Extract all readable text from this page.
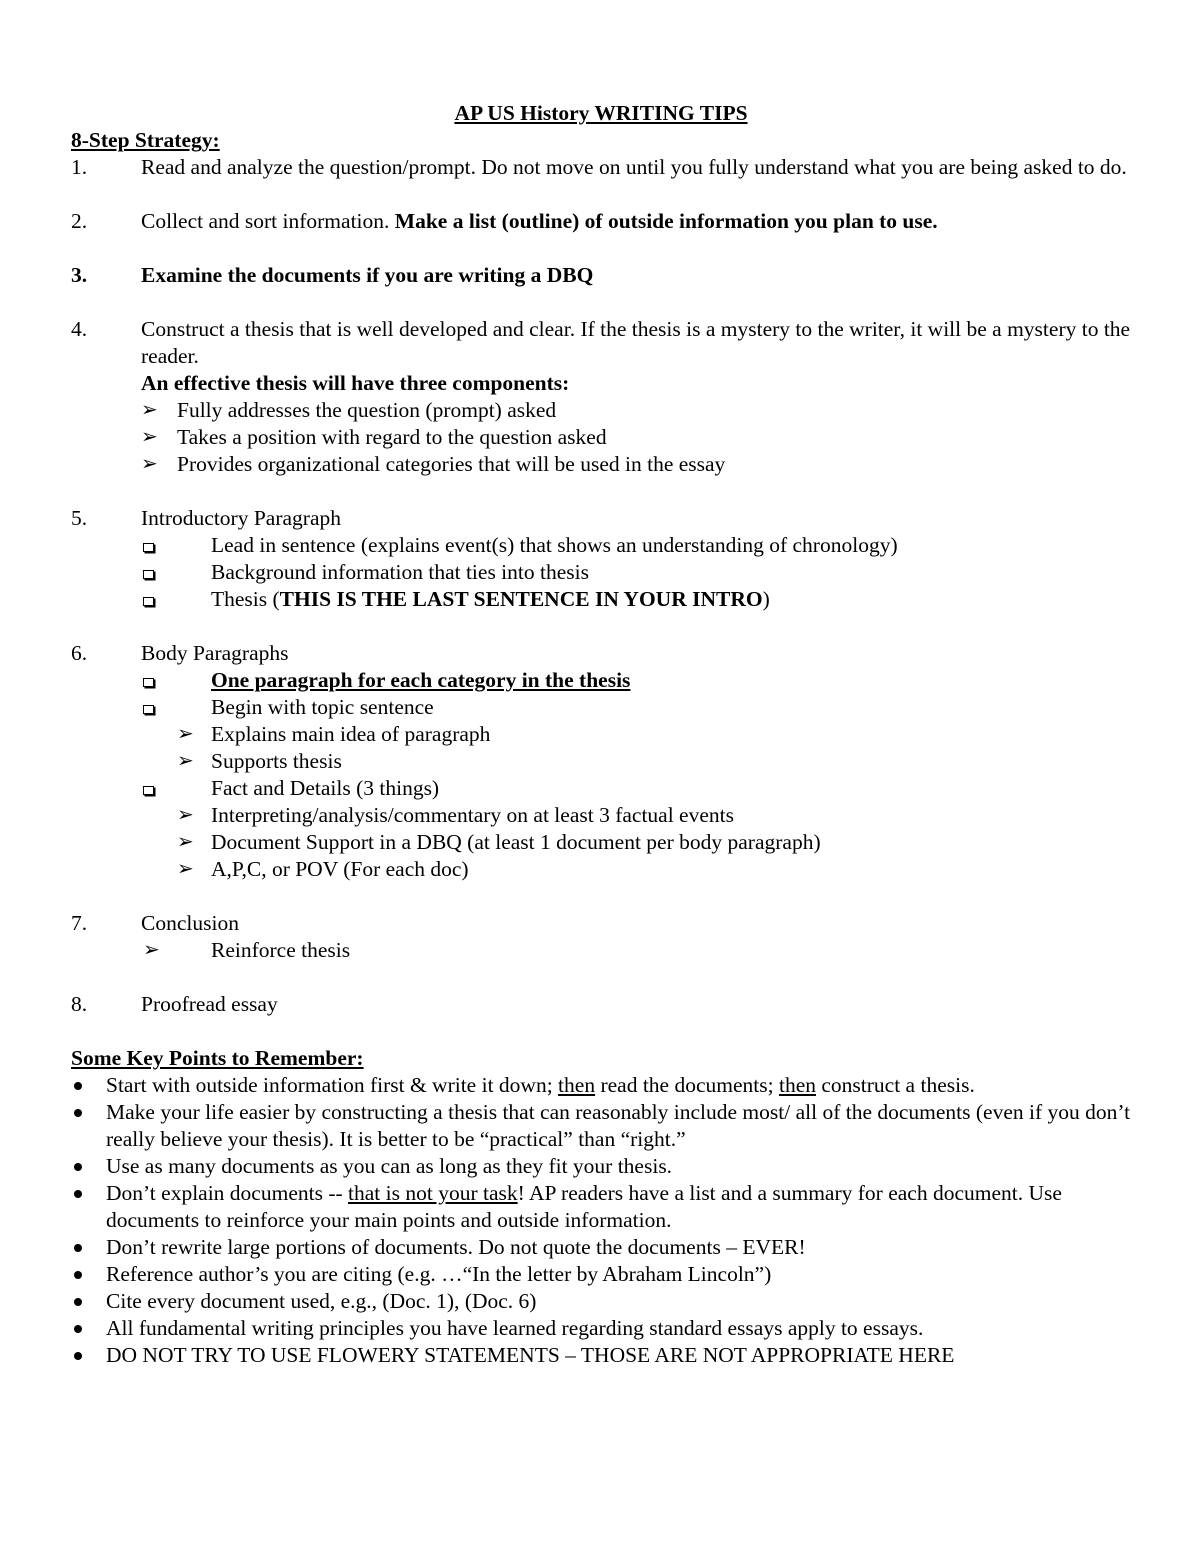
AP US History WRITING TIPS
8-Step Strategy:
1.	Read and analyze the question/prompt. Do not move on until you fully understand what you are being asked to do.
2.	Collect and sort information. Make a list (outline) of outside information you plan to use.
3.	Examine the documents if you are writing a DBQ
4.	Construct a thesis that is well developed and clear. If the thesis is a mystery to the writer, it will be a mystery to the reader.
An effective thesis will have three components:
➢ Fully addresses the question (prompt) asked
➢ Takes a position with regard to the question asked
➢ Provides organizational categories that will be used in the essay
5.	Introductory Paragraph
Lead in sentence (explains event(s) that shows an understanding of chronology)
Background information that ties into thesis
Thesis (THIS IS THE LAST SENTENCE IN YOUR INTRO)
6.	Body Paragraphs
One paragraph for each category in the thesis
Begin with topic sentence
➢ Explains main idea of paragraph
➢ Supports thesis
Fact and Details (3 things)
➢ Interpreting/analysis/commentary on at least 3 factual events
➢ Document Support in a DBQ (at least 1 document per body paragraph)
➢ A,P,C, or POV (For each doc)
7.	Conclusion
➢ Reinforce thesis
8.	Proofread essay
Some Key Points to Remember:
Start with outside information first & write it down; then read the documents; then construct a thesis.
Make your life easier by constructing a thesis that can reasonably include most/ all of the documents (even if you don’t really believe your thesis). It is better to be “practical” than “right.”
Use as many documents as you can as long as they fit your thesis.
Don’t explain documents -- that is not your task! AP readers have a list and a summary for each document. Use documents to reinforce your main points and outside information.
Don’t rewrite large portions of documents. Do not quote the documents – EVER!
Reference author’s you are citing (e.g. …“In the letter by Abraham Lincoln”)
Cite every document used, e.g., (Doc. 1), (Doc. 6)
All fundamental writing principles you have learned regarding standard essays apply to essays.
DO NOT TRY TO USE FLOWERY STATEMENTS – THOSE ARE NOT APPROPRIATE HERE
